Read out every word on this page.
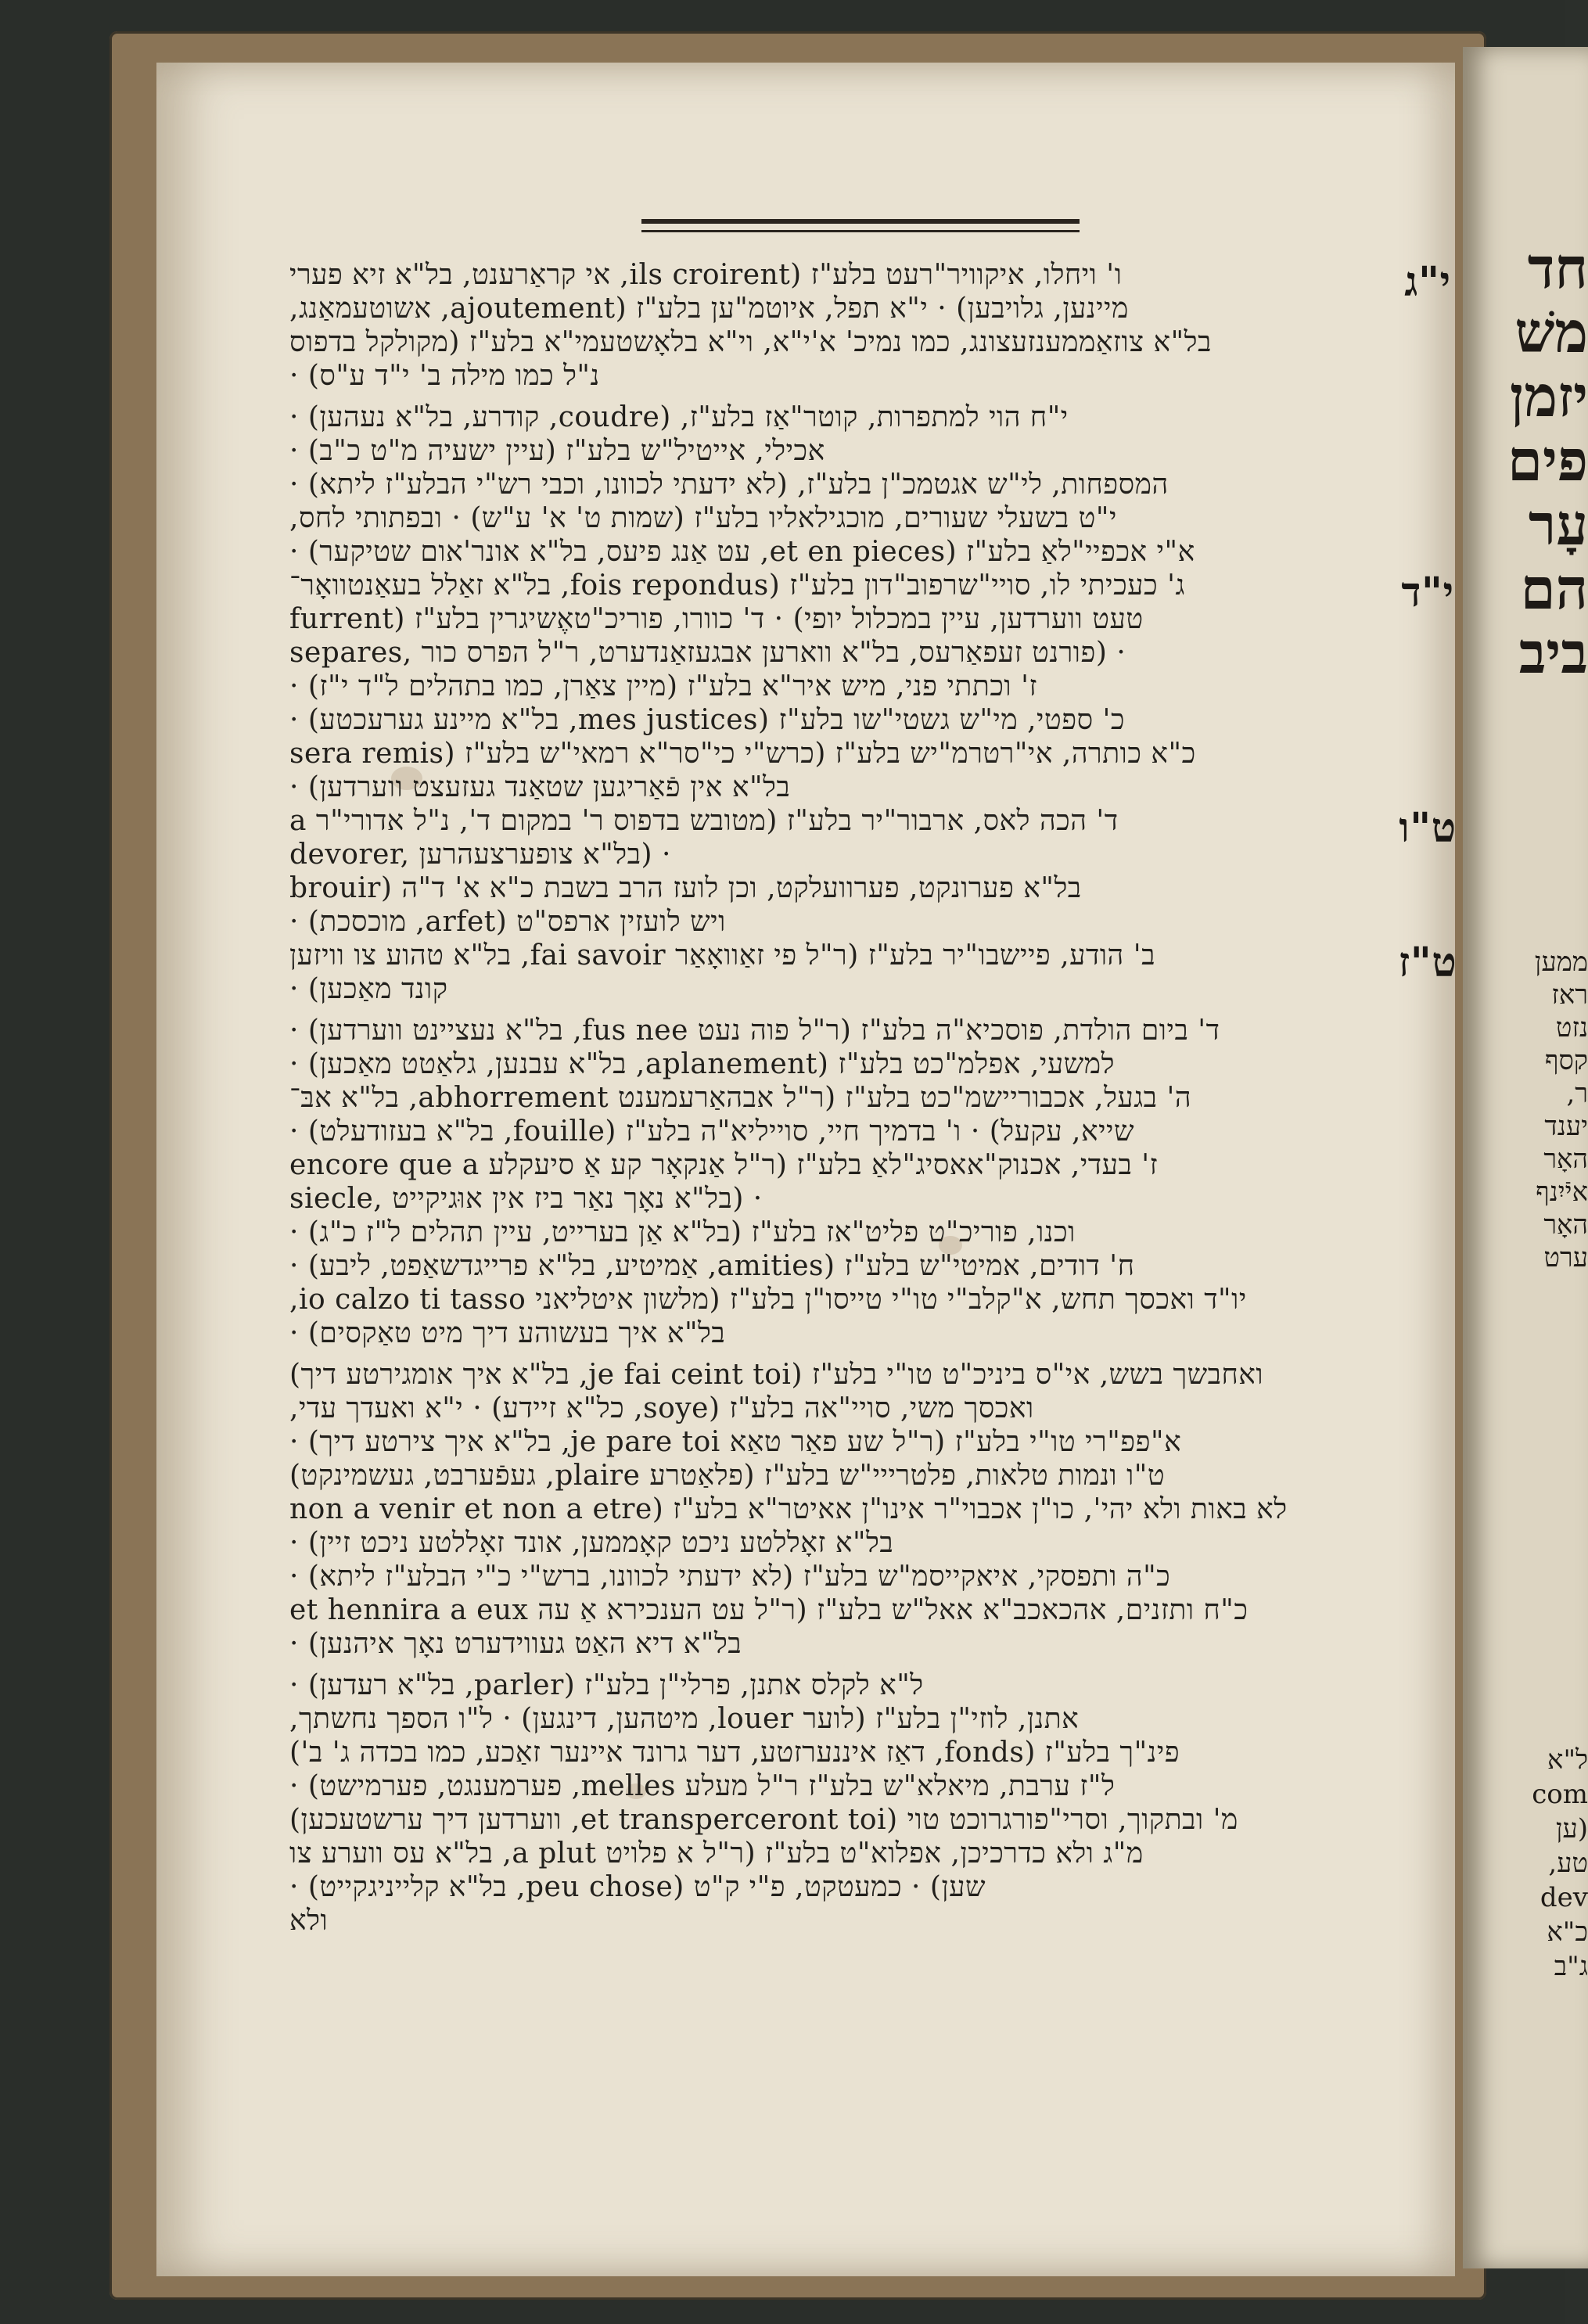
חד
משׁ
יזמן
פים
עָר
הם
ביב
ממען
ראז
נזט
קסף
ר,
יענד
האָר
איֿיִנף
האָר
ערט
ל"א
com
(ען
טע,
dev
כ"א
ג"ב
י"ג
ו' ויחלו, איקוויר"רעט בלע"ז (ils croirent, אי קראַרענט, בל"א זיא פערי
מיינען, גלויבען) · י"א תפל, איוטמ"ען בלע"ז (ajoutement, אשוטעמאַנג,
בל"א צוזאַממענזעצונג, כמו נמיכ' א'י"א, וי"א בלאָשטעמי"א בלע"ז (מקולקל בדפוס
נ"ל כמו מילה ב' י"ד ע"ס) ·
י"ח הוי למתפרות, קוטר"אַז בלע"ז, (coudre, קודרע, בל"א נעהען) ·
אכילי, אייטיל"ש בלע"ז (עיין ישעיה מ"ט כ"ב) ·
המספחות, לי"ש אגטמכ"ן בלע"ז, (לא ידעתי לכוונו, וכבי רש"י הבלע"ז ליתא) ·
י"ט בשעלי שעורים, מוכגילאליו בלע"ז (שמות ט' א' ע"ש) · ובפתותי לחס,
א"י אכפיי"לאַ בלע"ז (et en pieces, עט אַנג פיעס, בל"א אונר'אום שטיקער) ·
י"ד
ג' כעכיתי לו, סויי"שרפוב"דון בלע"ז (fois repondus, בל"א זאַלל בעאַנטוואָר־
טעט ווערדען, עיין במכלול יופי) · ד' כוורו, פוריכ"טאֶשיגרין בלע"ז (furrent
separes, פורנט זעפאַרעס, בל"א ווארען אבגעזאַנדערט, ר"ל הפרס כור) ·
ז' וכתתי פני, מיש איר"א בלע"ז (מיין צאַרן, כמו בתהלים ל"ד י"ז) ·
כ' ספטי, מי"ש גשטי"שו בלע"ז (mes justices, בל"א מיינע גערעכטע) ·
כ"א כותרה, אי"רטרמ"יש בלע"ז (כרש"י כי"סר"א רמאי"ש בלע"ז (sera remis
בל"א אין פֿאַריגען שטאַנד געזעצט ווערדען) ·
ט"ו
ד' הכה לאס, ארבור"יר בלע"ז (מטובש בדפוס ר' במקום ד', נ"ל אדורי"ר a
devorer, בל"א צופערצעהרען) ·
בל"א פערונקט, פערוועלקט, וכן לועז הרב בשבת כ"א א' ד"ה (brouir
ויש לועזין ארפס"ט (arfet, מוכסכת) ·
ט"ז
ב' הודע, פיישבו"יר בלע"ז (ר"ל פי זאַוואָאַר fai savoir, בל"א טהוע צו וויזען
קונד מאַכען) ·
ד' ביום הולדת, פוסכיא"ה בלע"ז (ר"ל פוה נעט fus nee, בל"א נעציינט ווערדען) ·
למשעי, אפלמ"כט בלע"ז (aplanement, בל"א עבנען, גלאַטט מאַכען) ·
ה' בגעל, אכבוריישמ"כט בלע"ז (ר"ל אבהאַרעמענט abhorrement, בל"א אבּ־
שייא, עקעל) · ו' בדמיך חיי, סוייליא"ה בלע"ז (fouille, בל"א בעזודעלט) ·
ז' בעדי, אכנוק"אאסיג"לאַ בלע"ז (ר"ל אַנקאָר קע אַ סיעקלע encore que a
siecle, בל"א נאָך נאַר ביז אין אוּגיקייט) ·
וכנו, פוריכ"ט פליט"אז בלע"ז (בל"א אַן בערייט, עיין תהלים ל"ז כ"ג) ·
ח' דודים, אמיטי"ש בלע"ז (amities, אַמיטיע, בל"א פרייגדשאַפט, ליבע) ·
יו"ד ואכסך תחש, א"קלב"י טו"י טייסו"ן בלע"ז (מלשון איטליאני io calzo ti tasso,
בל"א איך בעשוהע דיך מיט טאַקסים) ·
ואחבשך בשש, אי"ס ביניכ"ט טו"י בלע"ז (je fai ceint toi, בל"א איך אומגירטע דיך)
ואכסך משי, סויי"אה בלע"ז (soye, כל"א זיידע) · י"א ואעדך עדי,
א"פפ"רי טו"י בלע"ז (ר"ל שע פאַר טאַא je pare toi, בל"א איך צירטע דיך) ·
ט"ו ונמות טלאות, פלטרייי"ש בלע"ז (פלאַטרע plaire, געפֿערבט, געשמינקט)
לא באות ולא יהי', כו"ן אכבוי"ר אינו"ן אאיטר"א בלע"ז (non a venir et non a etre
בל"א זאָללטע ניכט קאָממען, אונד זאָללטע ניכט זיין) ·
כ"ה ותפסקי, איאקייסמ"ש בלע"ז (לא ידעתי לכוונו, ברש"י כ"י הבלע"ז ליתא) ·
כ"ח ותזנים, אהכאכב"א אאל"ש בלע"ז (ר"ל עט הענכירא אַ עה et hennira a eux
בל"א דיא האַט געווידערט נאָך איהנען) ·
ל"א לקלס אתנן, פרלי"ן בלע"ז (parler, בל"א רעדען) ·
אתנן, לוזי"ן בלע"ז (לוער louer, מיטהען, דינגען) · ל"ו הספך נחשתך,
פינ"ך בלע"ז (fonds, דאַז איננערזטע, דער גרונד איינער זאַכע, כמו בכדה ג' ב')
ל"ז ערבת, מיאלא"ש בלע"ז ר"ל מעלע melles, פערמענגט, פערמישט) ·
מ' ובתקוך, וסרי"פורגרוכט טוי (et transperceront toi, ווערדען דיך ערשטעכען)
מ"ג ולא כדרכיכן, אפלוא"ט בלע"ז (ר"ל א פלויט a plut, בל"א עס ווערע צו
שען) · כמעטקט, פ"י ק"ט (peu chose, בל"א קלייניגקייט) ·
ולא
